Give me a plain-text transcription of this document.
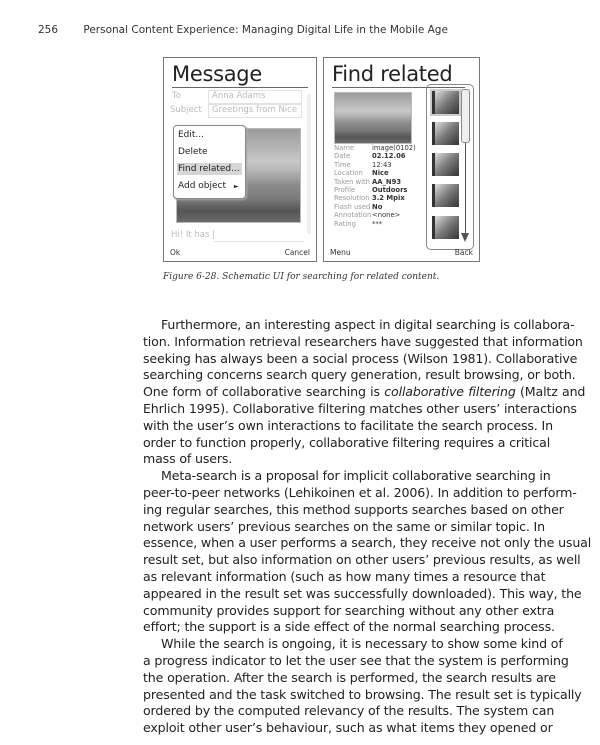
256 Personal Content Experience: Managing Digital Life in the Mobile Age
Message
To	Anna Adams
Subject Greetings from Nice
Edit...
Delete
Find related...
Add object ►
Hi! It has |
Ok	Cancel
Find related
Name	image(0102)
Date	02.12.06
Time	12:43
Location	Nice
Taken with AA_N93
Profile	Outdoors
Resolution 3.2 Mpix
Flash used No
Annotation <none>
Rating	***
Menu	Back
Figure 6-28. Schematic UI for searching for related content.
Furthermore, an interesting aspect in digital searching is collabora-
tion. Information retrieval researchers have suggested that information
seeking has always been a social process (Wilson 1981). Collaborative
searching concerns search query generation, result browsing, or both.
One form of collaborative searching is collaborative filtering (Maltz and
Ehrlich 1995). Collaborative filtering matches other users’ interactions
with the user’s own interactions to facilitate the search process. In
order to function properly, collaborative filtering requires a critical
mass of users.
Meta-search is a proposal for implicit collaborative searching in
peer-to-peer networks (Lehikoinen et al. 2006). In addition to perform-
ing regular searches, this method supports searches based on other
network users’ previous searches on the same or similar topic. In
essence, when a user performs a search, they receive not only the usual
result set, but also information on other users’ previous results, as well
as relevant information (such as how many times a resource that
appeared in the result set was successfully downloaded). This way, the
community provides support for searching without any other extra
effort; the support is a side effect of the normal searching process.
While the search is ongoing, it is necessary to show some kind of
a progress indicator to let the user see that the system is performing
the operation. After the search is performed, the search results are
presented and the task switched to browsing. The result set is typically
ordered by the computed relevancy of the results. The system can
exploit other user’s behaviour, such as what items they opened or
